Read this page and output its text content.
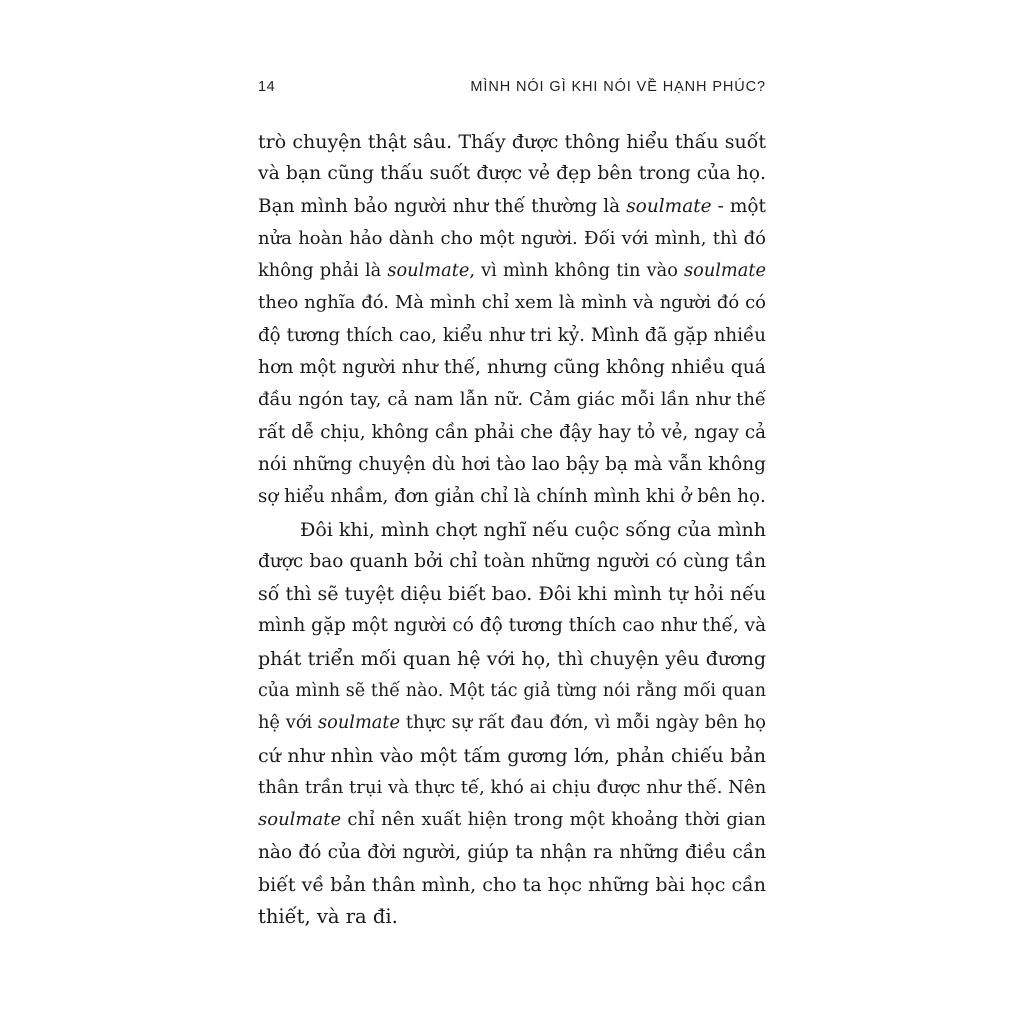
14	MÌNH NÓI GÌ KHI NÓI VỀ HẠNH PHÚC?
trò chuyện thật sâu. Thấy được thông hiểu thấu suốt
và bạn cũng thấu suốt được vẻ đẹp bên trong của họ.
Bạn mình bảo người như thế thường là soulmate - một
nửa hoàn hảo dành cho một người. Đối với mình, thì đó
không phải là soulmate, vì mình không tin vào soulmate
theo nghĩa đó. Mà mình chỉ xem là mình và người đó có
độ tương thích cao, kiểu như tri kỷ. Mình đã gặp nhiều
hơn một người như thế, nhưng cũng không nhiều quá
đầu ngón tay, cả nam lẫn nữ. Cảm giác mỗi lần như thế
rất dễ chịu, không cần phải che đậy hay tỏ vẻ, ngay cả
nói những chuyện dù hơi tào lao bậy bạ mà vẫn không
sợ hiểu nhầm, đơn giản chỉ là chính mình khi ở bên họ.
Đôi khi, mình chợt nghĩ nếu cuộc sống của mình
được bao quanh bởi chỉ toàn những người có cùng tần
số thì sẽ tuyệt diệu biết bao. Đôi khi mình tự hỏi nếu
mình gặp một người có độ tương thích cao như thế, và
phát triển mối quan hệ với họ, thì chuyện yêu đương
của mình sẽ thế nào. Một tác giả từng nói rằng mối quan
hệ với soulmate thực sự rất đau đớn, vì mỗi ngày bên họ
cứ như nhìn vào một tấm gương lớn, phản chiếu bản
thân trần trụi và thực tế, khó ai chịu được như thế. Nên
soulmate chỉ nên xuất hiện trong một khoảng thời gian
nào đó của đời người, giúp ta nhận ra những điều cần
biết về bản thân mình, cho ta học những bài học cần
thiết, và ra đi.
